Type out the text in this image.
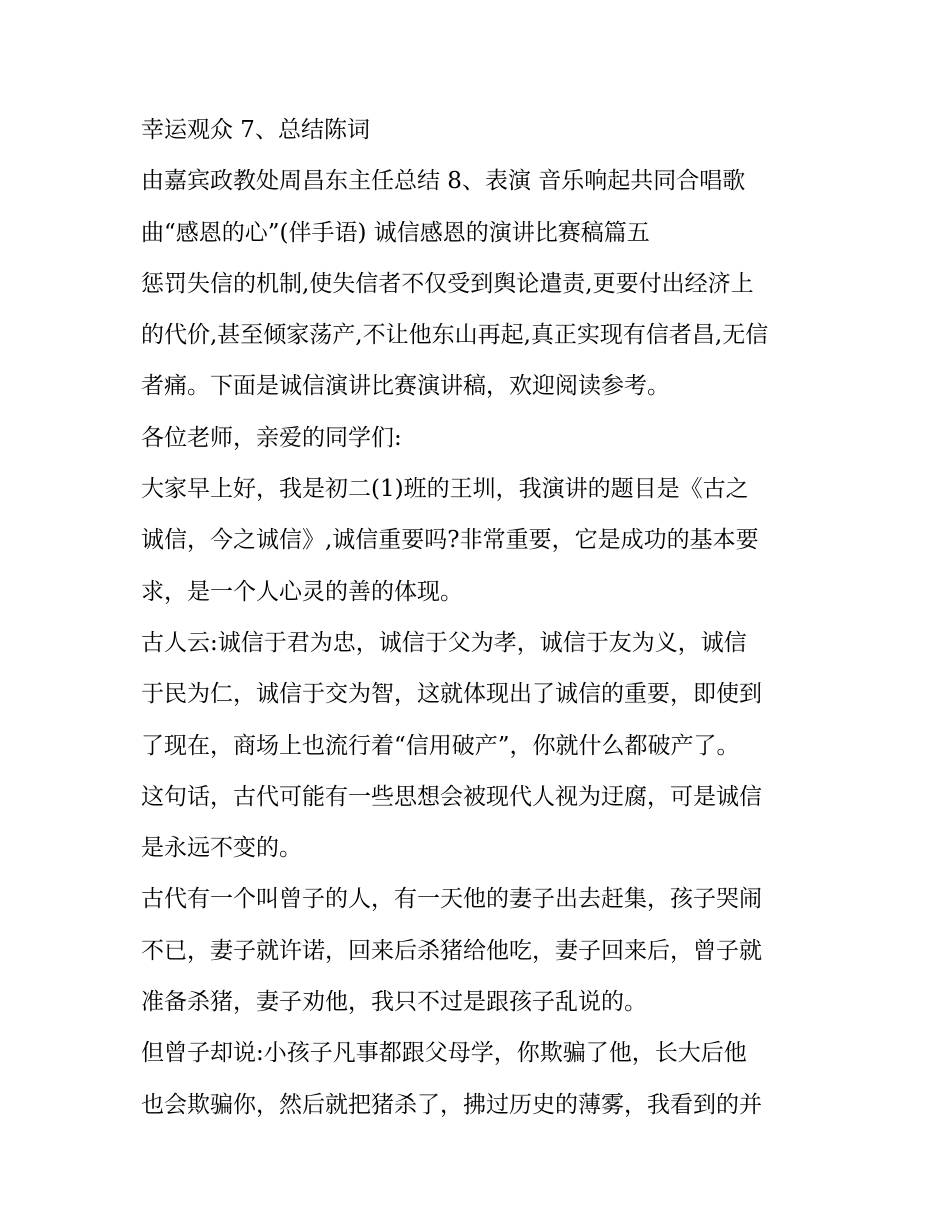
幸运观众 7、总结陈词
由嘉宾政教处周昌东主任总结 8、表演 音乐响起共同合唱歌
曲“感恩的心”(伴手语) 诚信感恩的演讲比赛稿篇五
惩罚失信的机制,使失信者不仅受到舆论遣责,更要付出经济上
的代价,甚至倾家荡产,不让他东山再起,真正实现有信者昌,无信
者痛。下面是诚信演讲比赛演讲稿，欢迎阅读参考。
各位老师，亲爱的同学们:
大家早上好，我是初二(1)班的王圳，我演讲的题目是《古之
诚信，今之诚信》,诚信重要吗?非常重要，它是成功的基本要
求，是一个人心灵的善的体现。
古人云:诚信于君为忠，诚信于父为孝，诚信于友为义，诚信
于民为仁，诚信于交为智，这就体现出了诚信的重要，即使到
了现在，商场上也流行着“信用破产”，你就什么都破产了。
这句话，古代可能有一些思想会被现代人视为迂腐，可是诚信
是永远不变的。
古代有一个叫曾子的人，有一天他的妻子出去赶集，孩子哭闹
不已，妻子就许诺，回来后杀猪给他吃，妻子回来后，曾子就
准备杀猪，妻子劝他，我只不过是跟孩子乱说的。
但曾子却说:小孩子凡事都跟父母学，你欺骗了他，长大后他
也会欺骗你，然后就把猪杀了，拂过历史的薄雾，我看到的并
